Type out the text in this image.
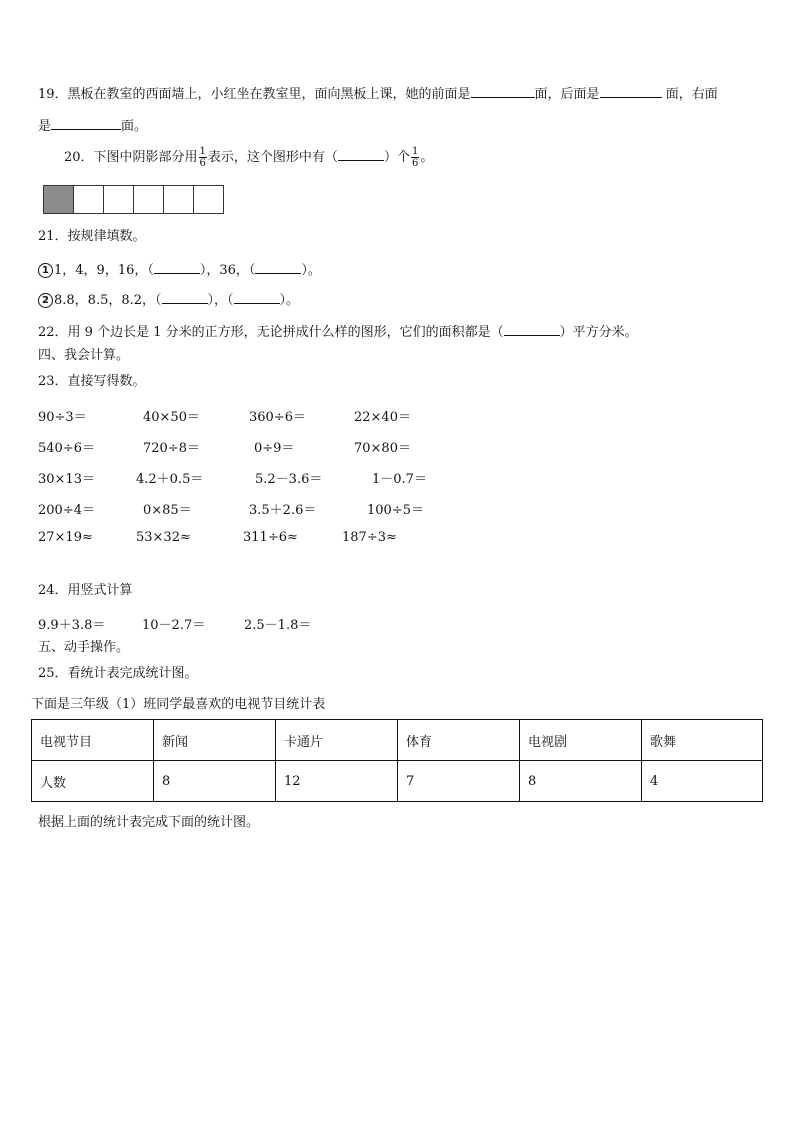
19．黑板在教室的西面墙上，小红坐在教室里，面向黑板上课，她的前面是	面，后面是	面，右面
是	面。
20．下图中阴影部分用 $\frac{1}{6}$ 表示，这个图形中有（	）个 $\frac{1}{6}$ 。
21．按规律填数。
1 1，4，9，16，（	），36，（	）。
2 8.8，8.5，8.2，（	），（	）。
22．用 9 个边长是 1 分米的正方形，无论拼成什么样的图形，它们的面积都是（	）平方分米。
四、我会计算。
23．直接写得数。
90÷3＝	40×50＝	360÷6＝	22×40＝
540÷6＝	720÷8＝	0÷9＝	70×80＝
30×13＝	4.2＋0.5＝	5.2－3.6＝	1－0.7＝
200÷4＝	0×85＝	3.5＋2.6＝	100÷5＝
27×19≈	53×32≈	311÷6≈	187÷3≈
24．用竖式计算
9.9＋3.8＝	10－2.7＝	2.5－1.8＝
五、动手操作。
25．看统计表完成统计图。
下面是三年级（1）班同学最喜欢的电视节目统计表
电视节目	新闻	卡通片	体育	电视剧	歌舞
人数	8	12	7	8	4
根据上面的统计表完成下面的统计图。
